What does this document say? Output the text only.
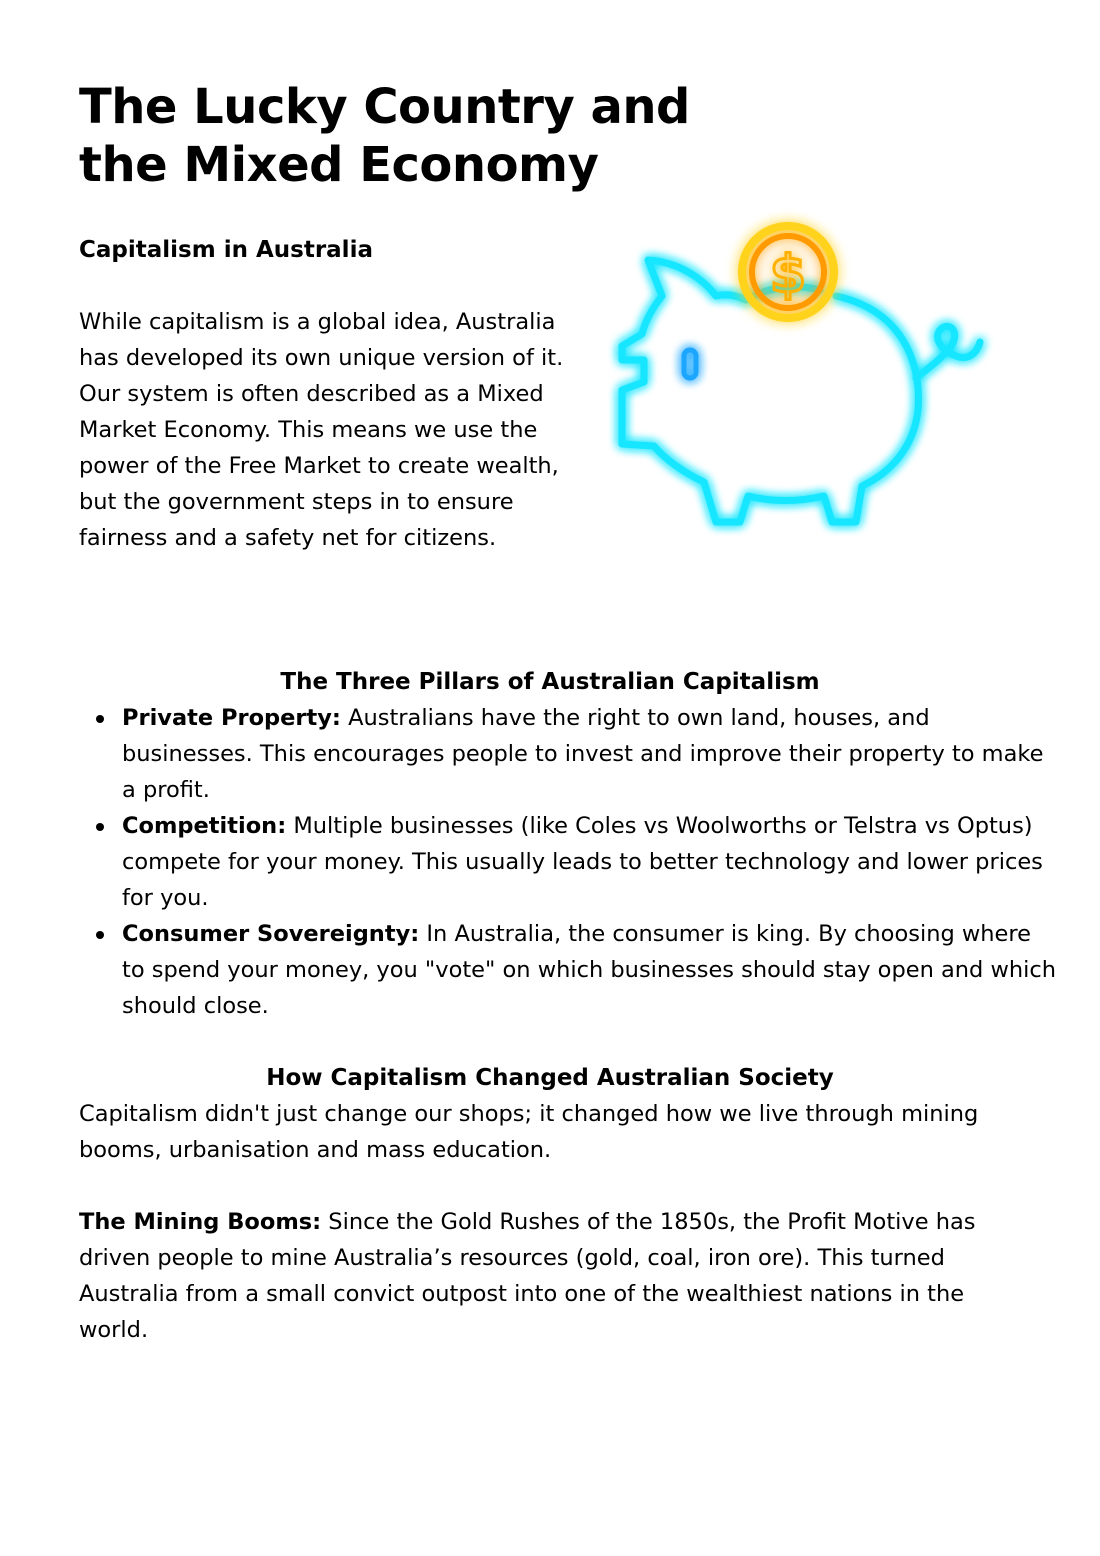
The Lucky Country and
the Mixed Economy
Capitalism in Australia

While capitalism is a global idea, Australia has developed its own unique version of it. Our system is often described as a Mixed Market Economy. This means we use the power of the Free Market to create wealth, but the government steps in to ensure fairness and a safety net for citizens.

$
The Three Pillars of Australian Capitalism
Private Property: Australians have the right to own land, houses, and businesses. This encourages people to invest and improve their property to make a profit.
Competition: Multiple businesses (like Coles vs Woolworths or Telstra vs Optus) compete for your money. This usually leads to better technology and lower prices for you.
Consumer Sovereignty: In Australia, the consumer is king. By choosing where to spend your money, you "vote" on which businesses should stay open and which should close.
How Capitalism Changed Australian Society

Capitalism didn't just change our shops; it changed how we live through mining booms, urbanisation and mass education.

The Mining Booms: Since the Gold Rushes of the 1850s, the Profit Motive has driven people to mine Australia’s resources (gold, coal, iron ore). This turned Australia from a small convict outpost into one of the wealthiest nations in the world.
